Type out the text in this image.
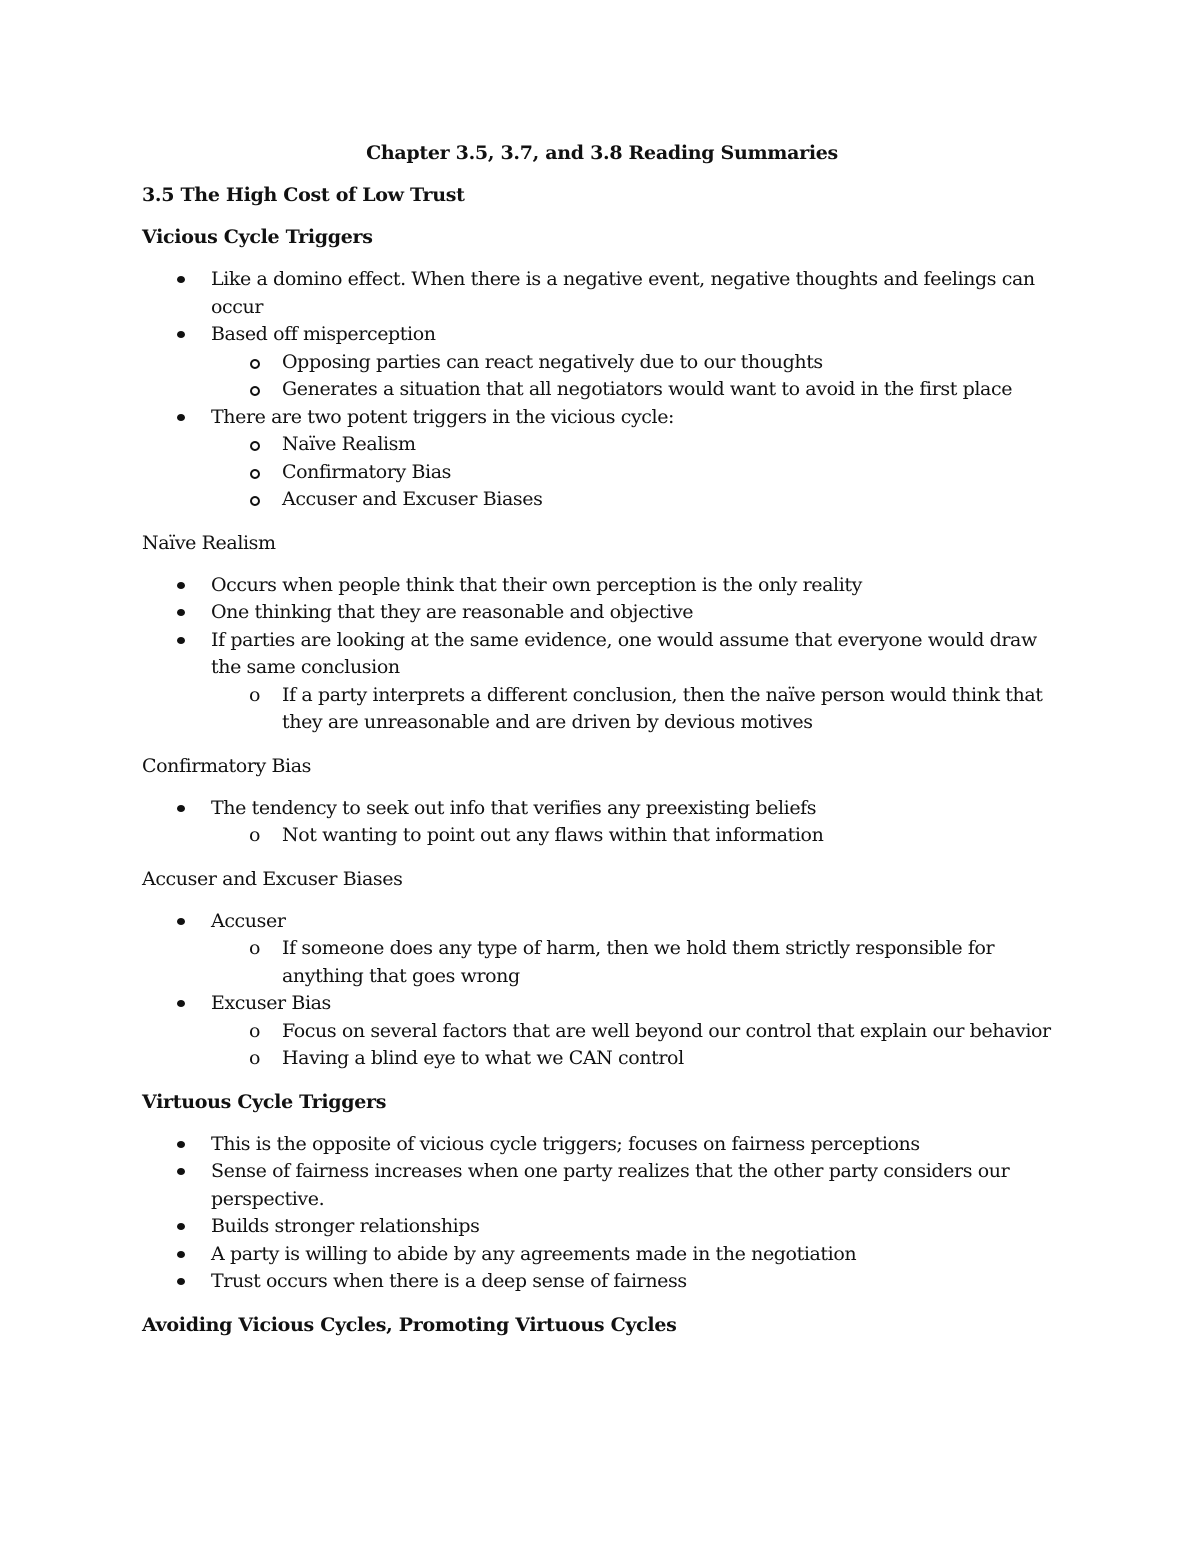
Chapter 3.5, 3.7, and 3.8 Reading Summaries
3.5 The High Cost of Low Trust
Vicious Cycle Triggers
Like a domino effect. When there is a negative event, negative thoughts and feelings can occur
Based off misperception
Opposing parties can react negatively due to our thoughts
Generates a situation that all negotiators would want to avoid in the first place
There are two potent triggers in the vicious cycle:
Naïve Realism
Confirmatory Bias
Accuser and Excuser Biases
Naïve Realism
Occurs when people think that their own perception is the only reality
One thinking that they are reasonable and objective
If parties are looking at the same evidence, one would assume that everyone would draw the same conclusion
o If a party interprets a different conclusion, then the naïve person would think that they are unreasonable and are driven by devious motives
Confirmatory Bias
The tendency to seek out info that verifies any preexisting beliefs
o Not wanting to point out any flaws within that information
Accuser and Excuser Biases
Accuser
o If someone does any type of harm, then we hold them strictly responsible for anything that goes wrong
Excuser Bias
o Focus on several factors that are well beyond our control that explain our behavior
o Having a blind eye to what we CAN control
Virtuous Cycle Triggers
This is the opposite of vicious cycle triggers; focuses on fairness perceptions
Sense of fairness increases when one party realizes that the other party considers our perspective.
Builds stronger relationships
A party is willing to abide by any agreements made in the negotiation
Trust occurs when there is a deep sense of fairness
Avoiding Vicious Cycles, Promoting Virtuous Cycles
